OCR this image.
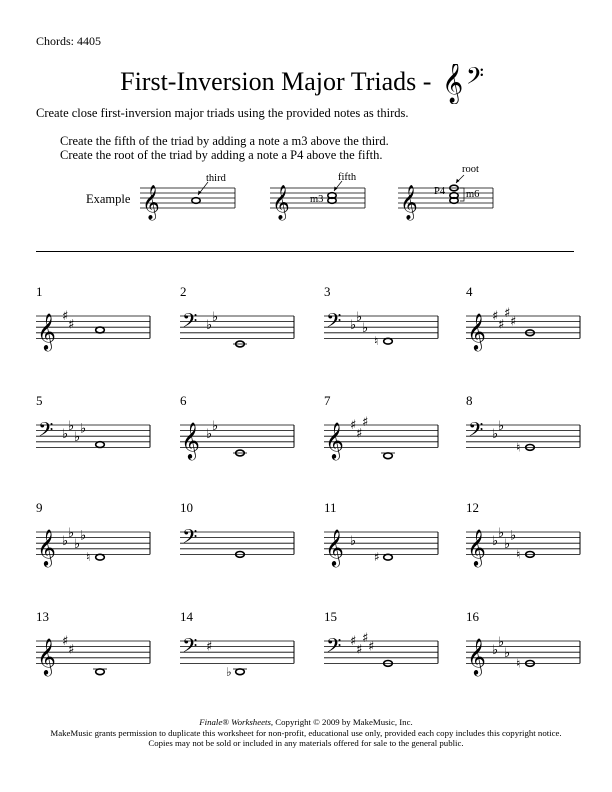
Chords: 4405
First-Inversion Major Triads - 𝄞 𝄢
Create close first-inversion major triads using the provided notes as thirds.
Create the fifth of the triad by adding a note a m3 above the third.
Create the root of the triad by adding a note a P4 above the fifth.
Example 𝄞
third
𝄞
fifth
m3	𝄞
root
P4 m6
1
𝄞 ♯
♯
2
𝄢 ♭
♭
3
𝄢 ♭
♭
♭
♮
4
𝄞 ♯
♯
♯
♯
5
𝄢 ♭
♭
♭
♭
6
𝄞 ♭
♭
7
𝄞 ♯
♯
♯
8
𝄢 ♭
♭
♮
9
𝄞 ♭
♭
♭
♭
♮
10
𝄢
11
𝄞 ♭
♯
12
𝄞 ♭
♭
♭
♭
♮
13
𝄞 ♯
♯
14
𝄢 ♯
♭
15
𝄢 ♯
♯
♯
♯
16
𝄞 ♭
♭
♭
♮
Finale® Worksheets, Copyright © 2009 by MakeMusic, Inc.
MakeMusic grants permission to duplicate this worksheet for non-profit, educational use only, provided each copy includes this copyright notice.
Copies may not be sold or included in any materials offered for sale to the general public.
